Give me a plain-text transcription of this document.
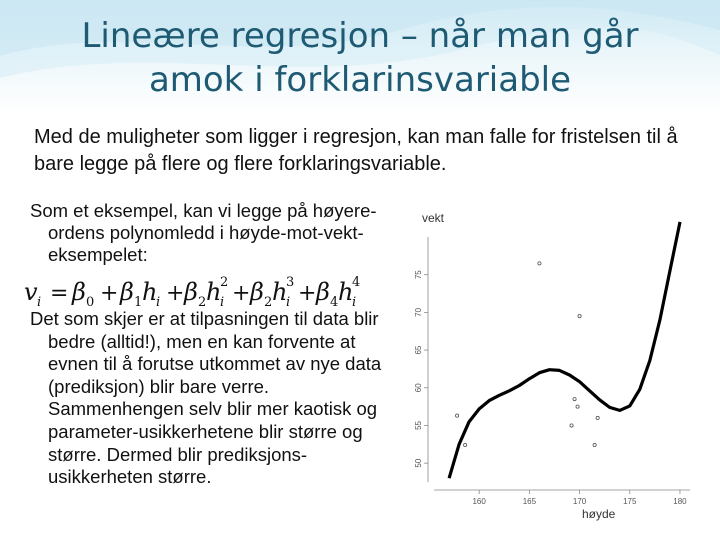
Lineære regresjon – når man går
amok i forklarinsvariable
Med de muligheter som ligger i regresjon, kan man falle for fristelsen til å bare legge på flere og flere forklaringsvariable.
Som et eksempel, kan vi legge på høyere-ordens polynomledd i høyde-mot-vekt-eksempelet:
v i = β 0 + β 1 h
i + β 2 h
i
2 + β 2 h
i
3 + β 4 h
i
4
Det som skjer er at tilpasningen til data blir bedre (alltid!), men en kan forvente at evnen til å forutse utkommet av nye data (prediksjon) blir bare verre. Sammenhengen selv blir mer kaotisk og parameter-usikkerhetene blir større og større. Dermed blir prediksjons-usikkerheten større.
vekt
høyde
50
55
60
65
70
75
160	165	170	175	180
